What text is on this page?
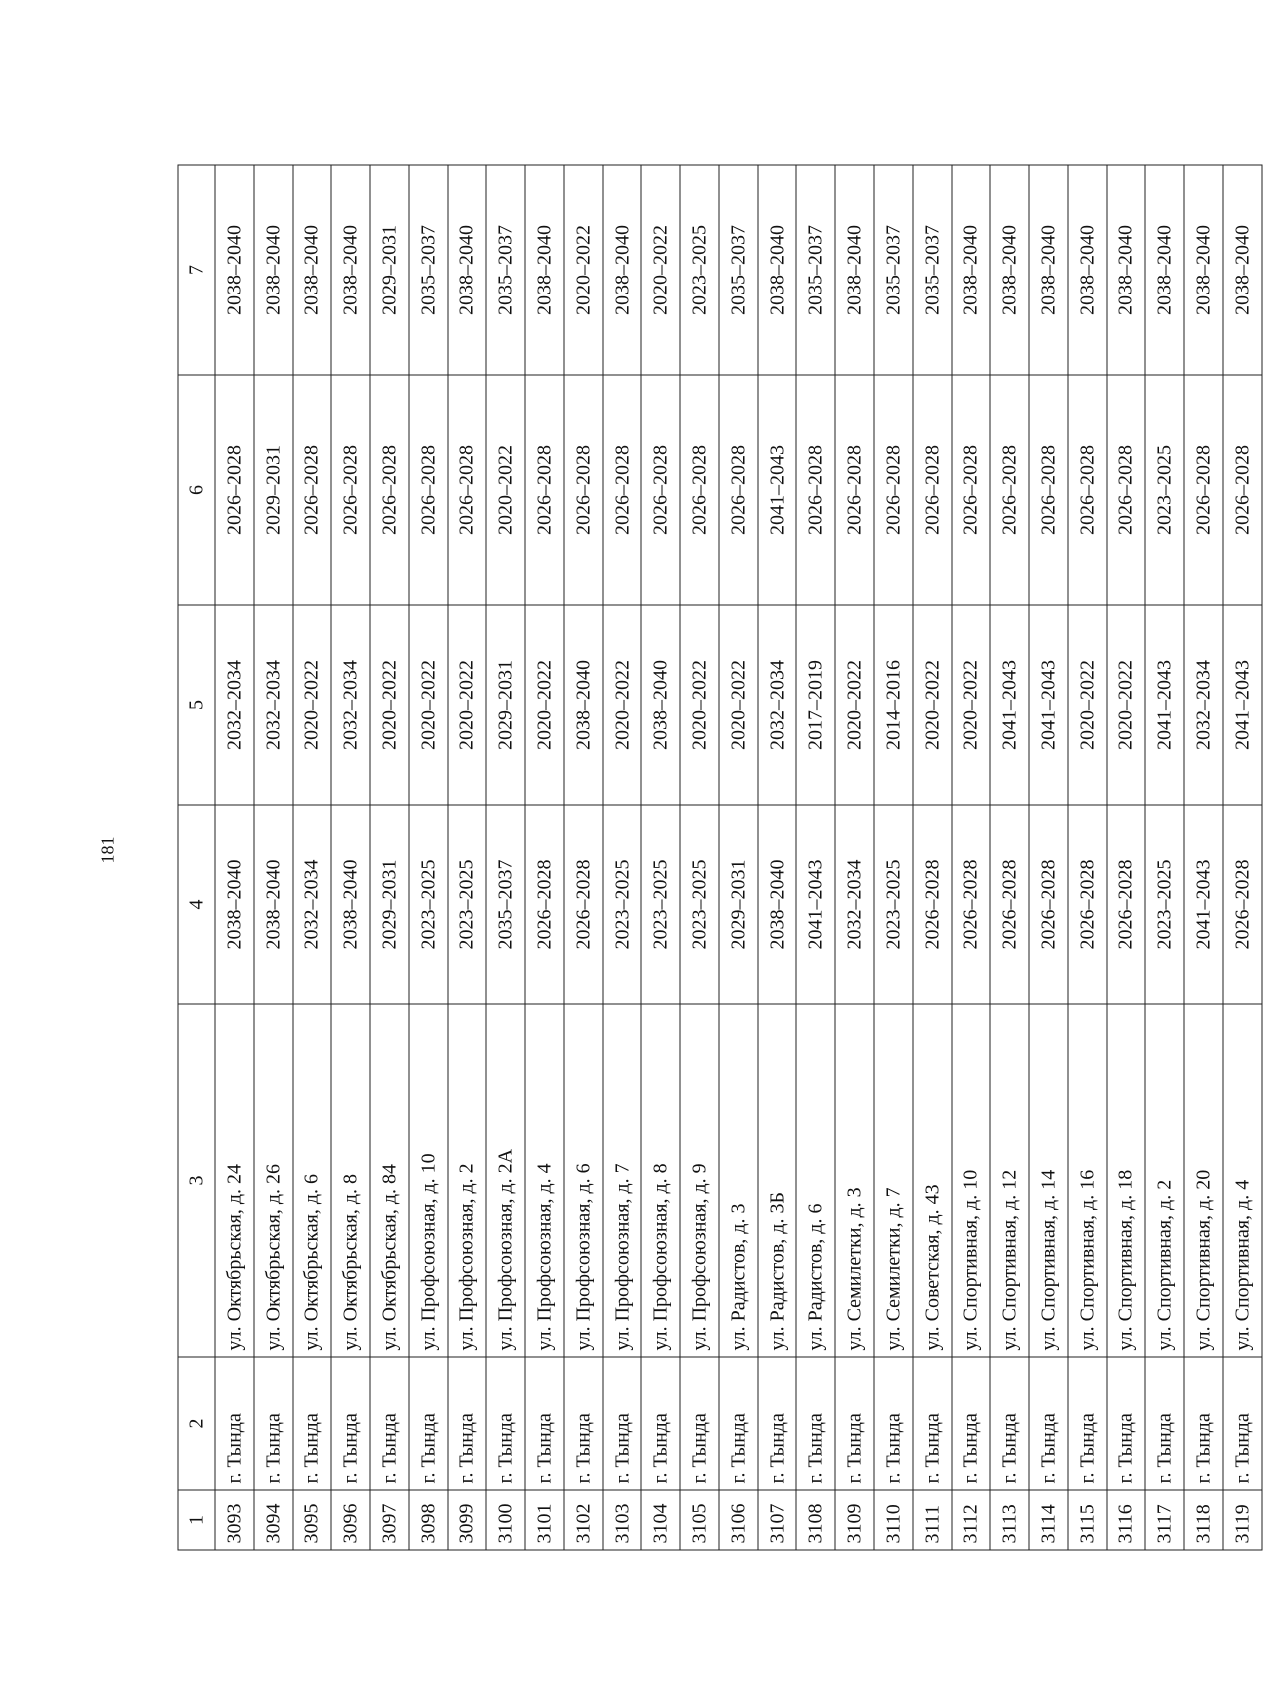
181
1	2	3	4	5	6	7
3093	г. Тында	ул. Октябрьская, д. 24	2038–2040	2032–2034	2026–2028	2038–2040
3094	г. Тында	ул. Октябрьская, д. 26	2038–2040	2032–2034	2029–2031	2038–2040
3095	г. Тында	ул. Октябрьская, д. 6	2032–2034	2020–2022	2026–2028	2038–2040
3096	г. Тында	ул. Октябрьская, д. 8	2038–2040	2032–2034	2026–2028	2038–2040
3097	г. Тында	ул. Октябрьская, д. 84	2029–2031	2020–2022	2026–2028	2029–2031
3098	г. Тында	ул. Профсоюзная, д. 10	2023–2025	2020–2022	2026–2028	2035–2037
3099	г. Тында	ул. Профсоюзная, д. 2	2023–2025	2020–2022	2026–2028	2038–2040
3100	г. Тында	ул. Профсоюзная, д. 2А	2035–2037	2029–2031	2020–2022	2035–2037
3101	г. Тында	ул. Профсоюзная, д. 4	2026–2028	2020–2022	2026–2028	2038–2040
3102	г. Тында	ул. Профсоюзная, д. 6	2026–2028	2038–2040	2026–2028	2020–2022
3103	г. Тында	ул. Профсоюзная, д. 7	2023–2025	2020–2022	2026–2028	2038–2040
3104	г. Тында	ул. Профсоюзная, д. 8	2023–2025	2038–2040	2026–2028	2020–2022
3105	г. Тында	ул. Профсоюзная, д. 9	2023–2025	2020–2022	2026–2028	2023–2025
3106	г. Тында	ул. Радистов, д. 3	2029–2031	2020–2022	2026–2028	2035–2037
3107	г. Тында	ул. Радистов, д. 3Б	2038–2040	2032–2034	2041–2043	2038–2040
3108	г. Тында	ул. Радистов, д. 6	2041–2043	2017–2019	2026–2028	2035–2037
3109	г. Тында	ул. Семилетки, д. 3	2032–2034	2020–2022	2026–2028	2038–2040
3110	г. Тында	ул. Семилетки, д. 7	2023–2025	2014–2016	2026–2028	2035–2037
3111	г. Тында	ул. Советская, д. 43	2026–2028	2020–2022	2026–2028	2035–2037
3112	г. Тында	ул. Спортивная, д. 10	2026–2028	2020–2022	2026–2028	2038–2040
3113	г. Тында	ул. Спортивная, д. 12	2026–2028	2041–2043	2026–2028	2038–2040
3114	г. Тында	ул. Спортивная, д. 14	2026–2028	2041–2043	2026–2028	2038–2040
3115	г. Тында	ул. Спортивная, д. 16	2026–2028	2020–2022	2026–2028	2038–2040
3116	г. Тында	ул. Спортивная, д. 18	2026–2028	2020–2022	2026–2028	2038–2040
3117	г. Тында	ул. Спортивная, д. 2	2023–2025	2041–2043	2023–2025	2038–2040
3118	г. Тында	ул. Спортивная, д. 20	2041–2043	2032–2034	2026–2028	2038–2040
3119	г. Тында	ул. Спортивная, д. 4	2026–2028	2041–2043	2026–2028	2038–2040
